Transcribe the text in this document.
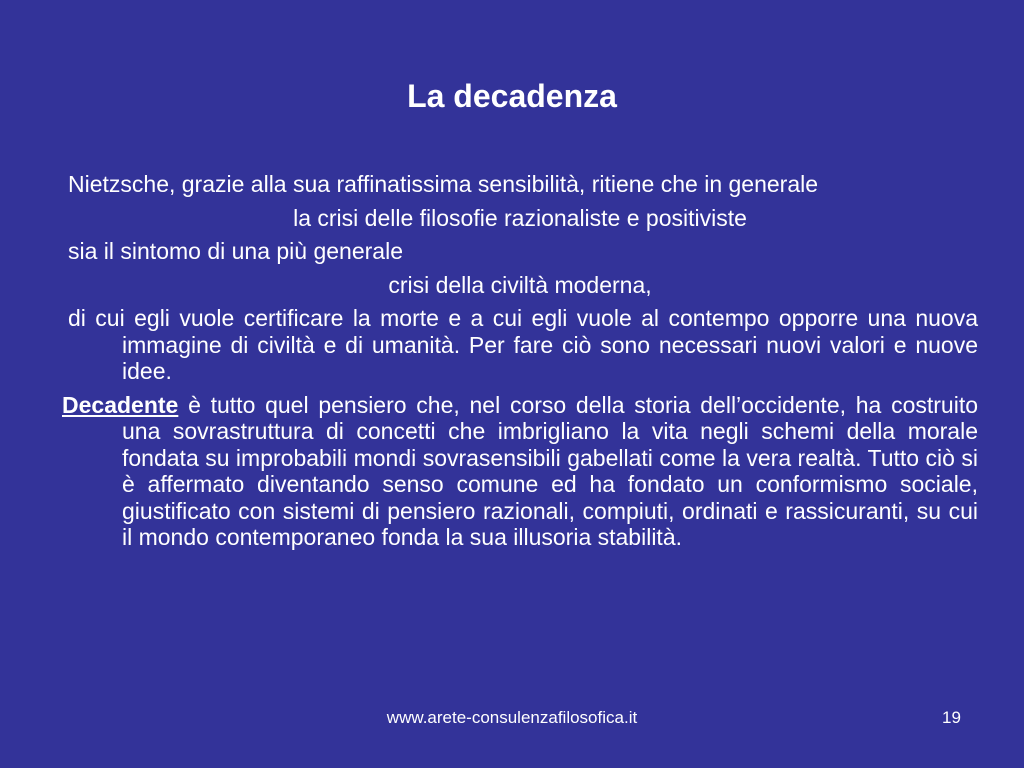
La decadenza

Nietzsche, grazie alla sua raffinatissima sensibilità, ritiene che in generale

la crisi delle filosofie razionaliste e positiviste

sia il sintomo di una più generale

crisi della civiltà moderna,

di cui egli vuole certificare la morte e a cui egli vuole al contempo opporre una nuova immagine di civiltà e di umanità. Per fare ciò sono necessari nuovi valori e nuove idee.

Decadente è tutto quel pensiero che, nel corso della storia dell’occidente, ha costruito una sovrastruttura di concetti che imbrigliano la vita negli schemi della morale fondata su improbabili mondi sovrasensibili gabellati come la vera realtà. Tutto ciò si è affermato diventando senso comune ed ha fondato un conformismo sociale, giustificato con sistemi di pensiero razionali, compiuti, ordinati e rassicuranti, su cui il mondo contemporaneo fonda la sua illusoria stabilità.

www.arete-consulenzafilosofica.it	19
